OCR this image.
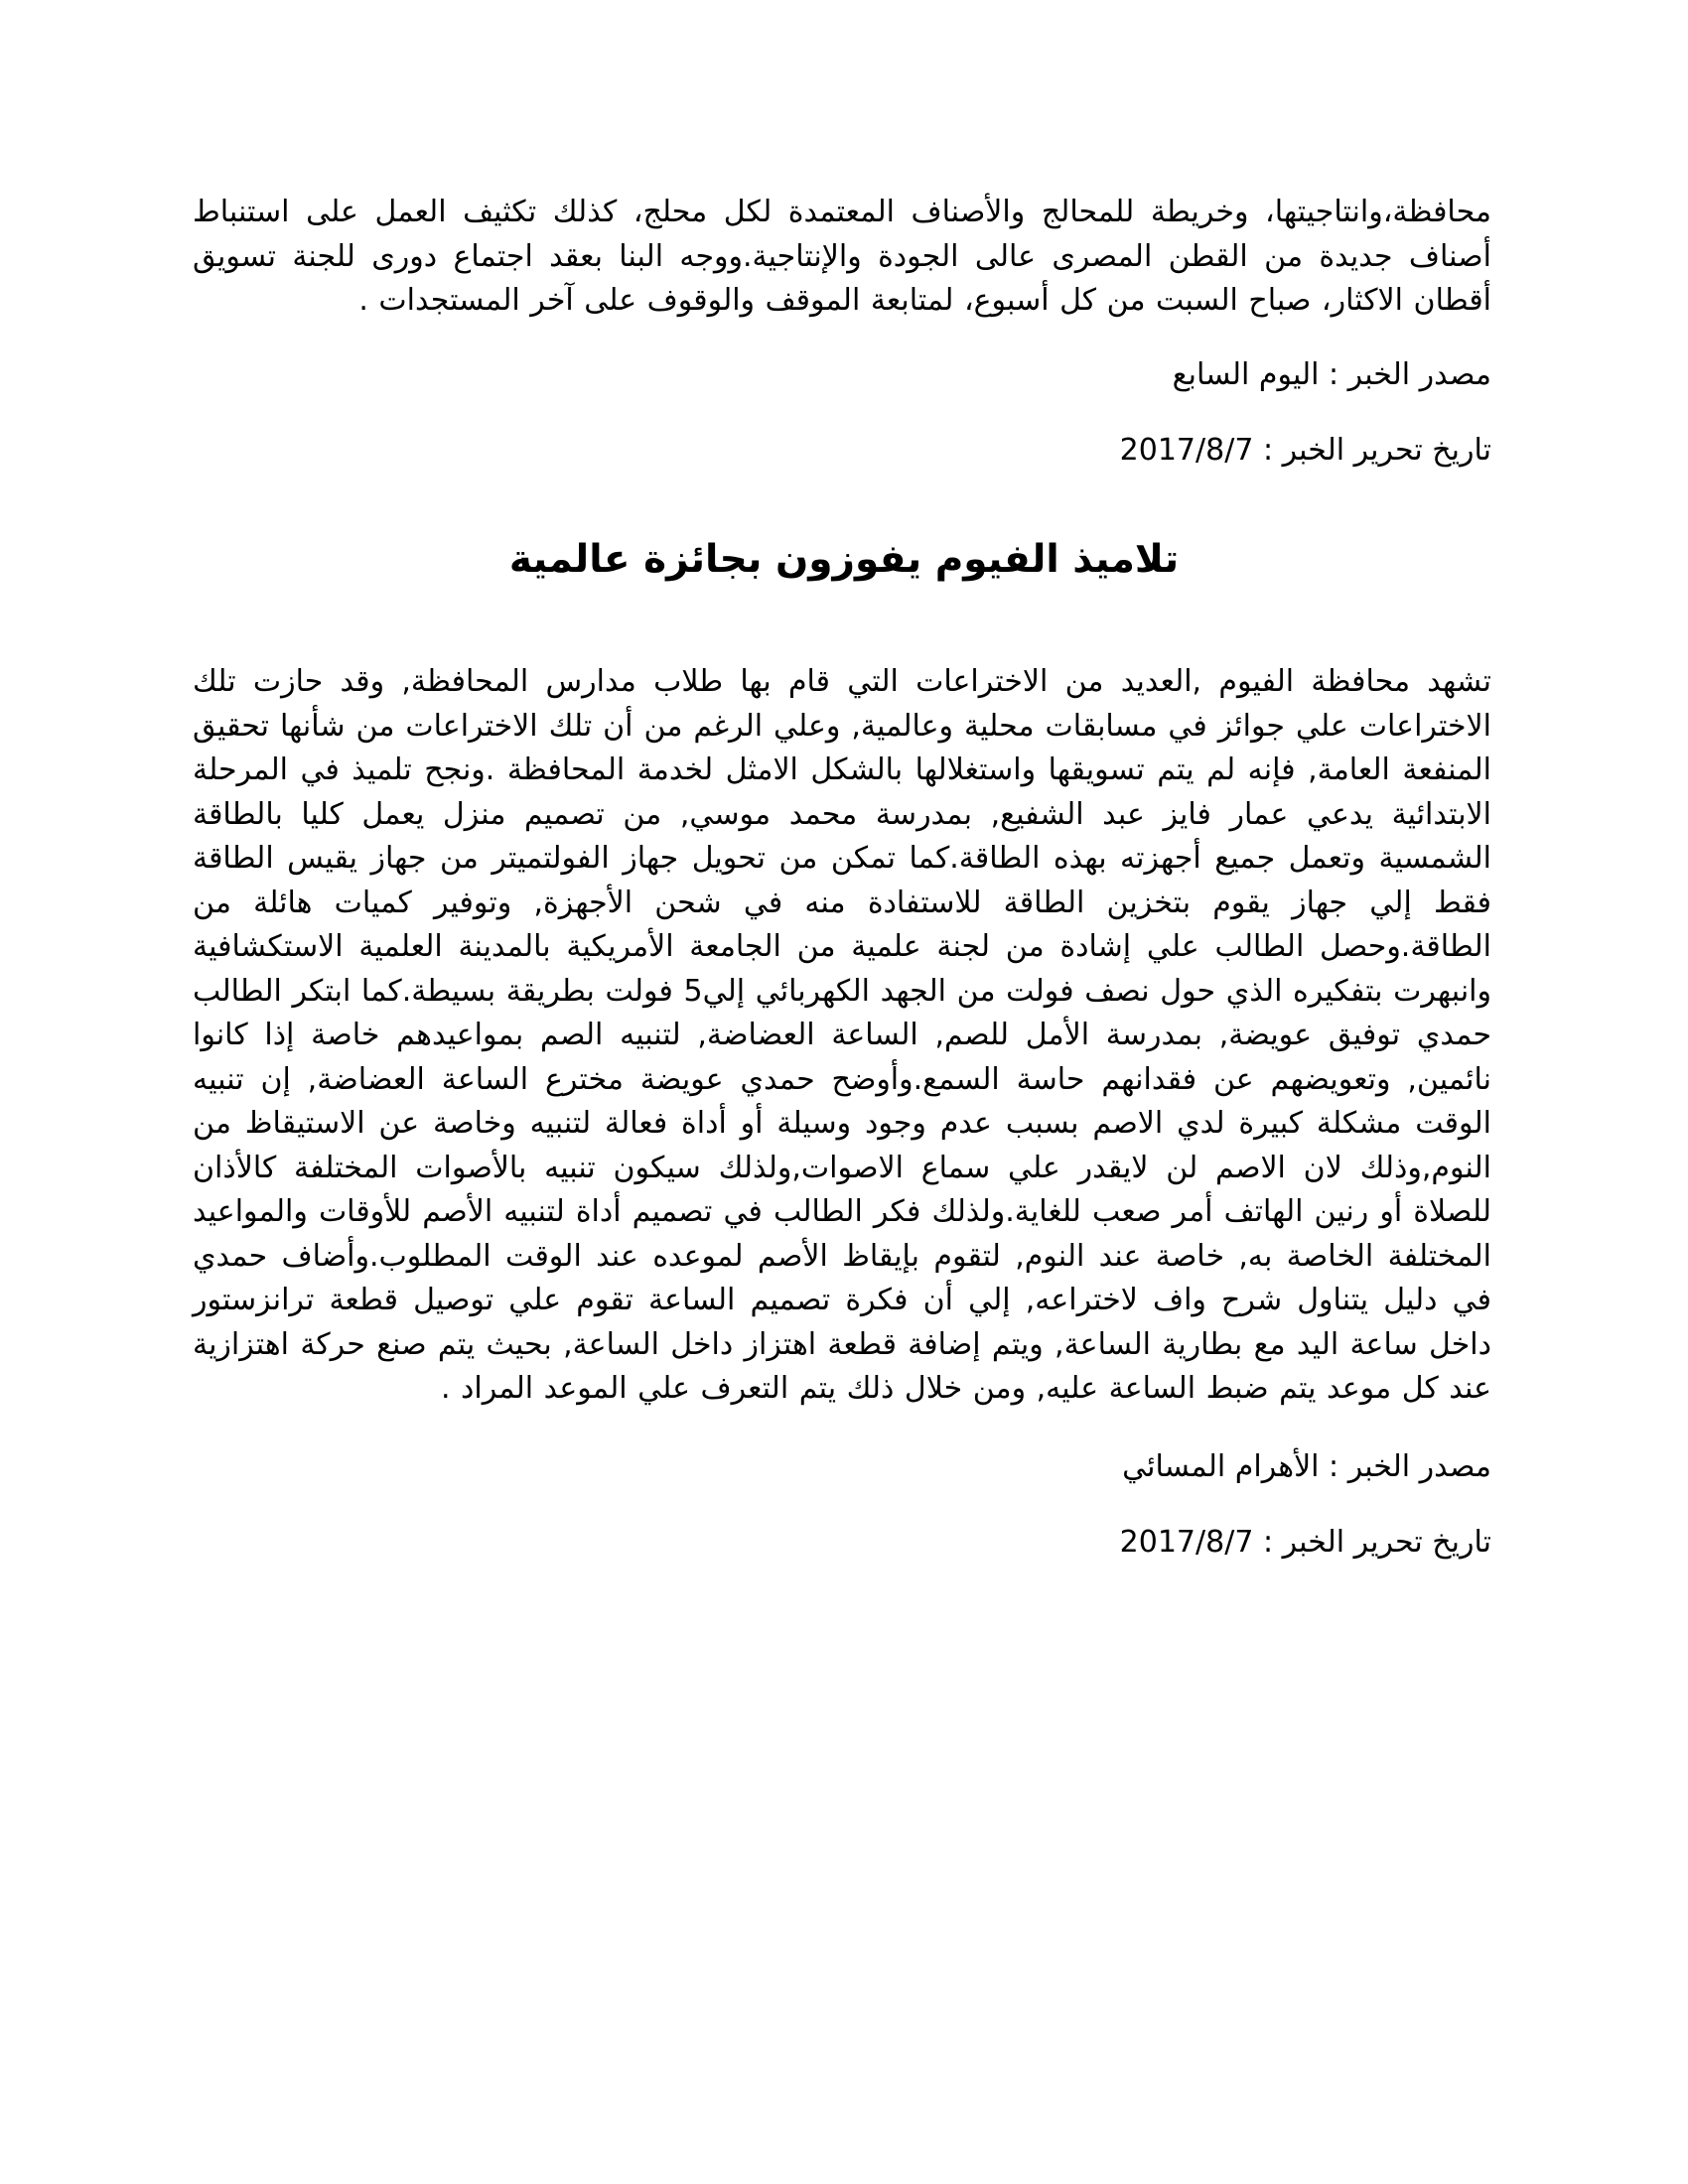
محافظة،وانتاجيتها، وخريطة للمحالج والأصناف المعتمدة لكل محلج، كذلك تكثيف العمل على استنباط أصناف جديدة من القطن المصرى عالى الجودة والإنتاجية.ووجه البنا بعقد اجتماع دورى للجنة تسويق أقطان الاكثار، صباح السبت من كل أسبوع، لمتابعة الموقف والوقوف على آخر المستجدات .
مصدر الخبر : اليوم السابع
تاريخ تحرير الخبر : 2017/8/7
تلاميذ الفيوم يفوزون بجائزة عالمية
تشهد محافظة الفيوم ,العديد من الاختراعات التي قام بها طلاب مدارس المحافظة, وقد حازت تلك الاختراعات علي جوائز في مسابقات محلية وعالمية, وعلي الرغم من أن تلك الاختراعات من شأنها تحقيق المنفعة العامة, فإنه لم يتم تسويقها واستغلالها بالشكل الامثل لخدمة المحافظة .ونجح تلميذ في المرحلة الابتدائية يدعي عمار فايز عبد الشفيع, بمدرسة محمد موسي, من تصميم منزل يعمل كليا بالطاقة الشمسية وتعمل جميع أجهزته بهذه الطاقة.كما تمكن من تحويل جهاز الفولتميتر من جهاز يقيس الطاقة فقط إلي جهاز يقوم بتخزين الطاقة للاستفادة منه في شحن الأجهزة, وتوفير كميات هائلة من الطاقة.وحصل الطالب علي إشادة من لجنة علمية من الجامعة الأمريكية بالمدينة العلمية الاستكشافية وانبهرت بتفكيره الذي حول نصف فولت من الجهد الكهربائي إلي5 فولت بطريقة بسيطة.كما ابتكر الطالب حمدي توفيق عويضة, بمدرسة الأمل للصم, الساعة العضاضة, لتنبيه الصم بمواعيدهم خاصة إذا كانوا نائمين, وتعويضهم عن فقدانهم حاسة السمع.وأوضح حمدي عويضة مخترع الساعة العضاضة, إن تنبيه الوقت مشكلة كبيرة لدي الاصم بسبب عدم وجود وسيلة أو أداة فعالة لتنبيه وخاصة عن الاستيقاظ من النوم,وذلك لان الاصم لن لايقدر علي سماع الاصوات,ولذلك سيكون تنبيه بالأصوات المختلفة كالأذان للصلاة أو رنين الهاتف أمر صعب للغاية.ولذلك فكر الطالب في تصميم أداة لتنبيه الأصم للأوقات والمواعيد المختلفة الخاصة به, خاصة عند النوم, لتقوم بإيقاظ الأصم لموعده عند الوقت المطلوب.وأضاف حمدي في دليل يتناول شرح واف لاختراعه, إلي أن فكرة تصميم الساعة تقوم علي توصيل قطعة ترانزستور داخل ساعة اليد مع بطارية الساعة, ويتم إضافة قطعة اهتزاز داخل الساعة, بحيث يتم صنع حركة اهتزازية عند كل موعد يتم ضبط الساعة عليه, ومن خلال ذلك يتم التعرف علي الموعد المراد .
مصدر الخبر : الأهرام المسائي
تاريخ تحرير الخبر : 2017/8/7
